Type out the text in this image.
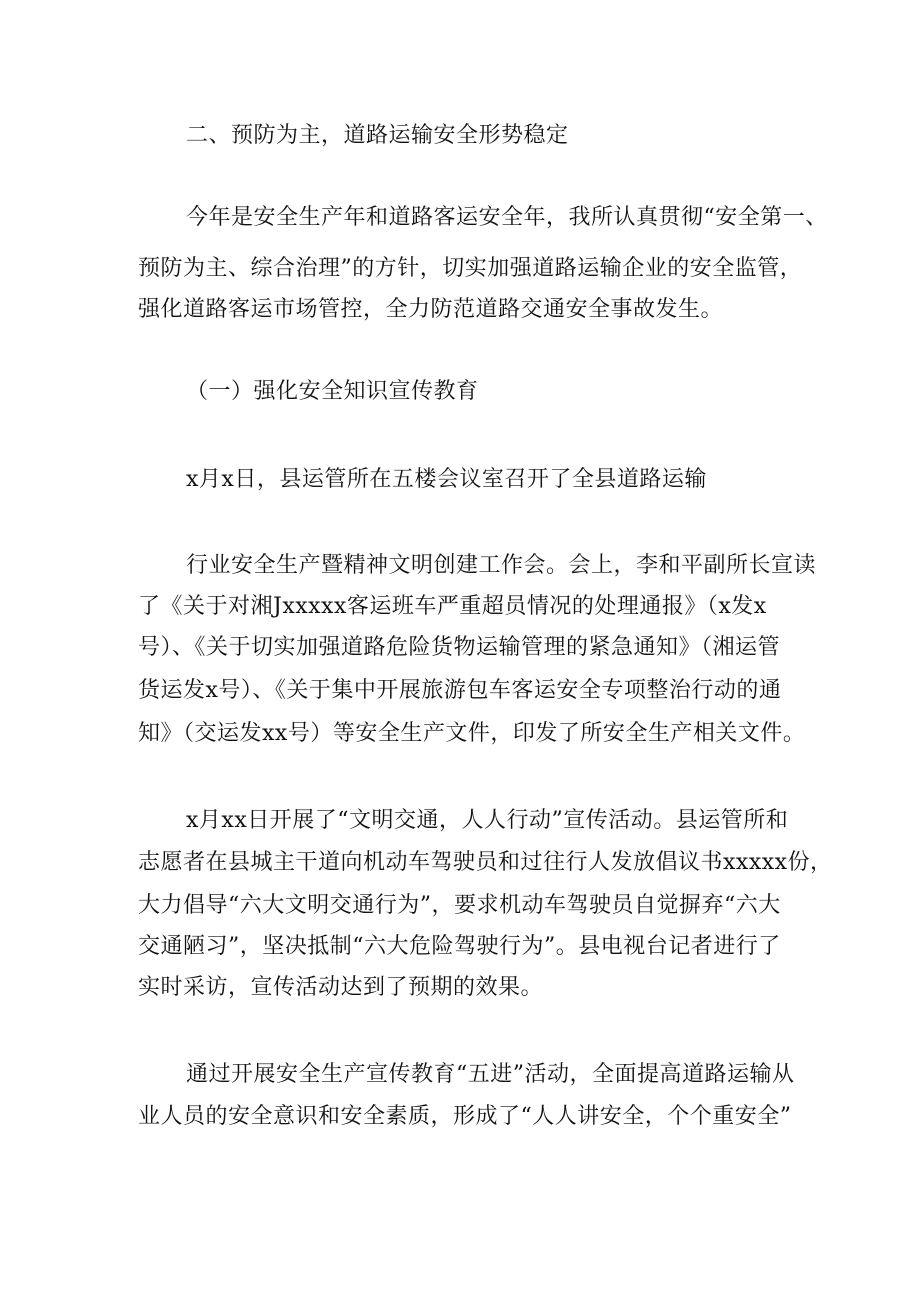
二、预防为主，道路运输安全形势稳定
今年是安全生产年和道路客运安全年，我所认真贯彻“安全第一、
预防为主、综合治理”的方针，切实加强道路运输企业的安全监管，
强化道路客运市场管控，全力防范道路交通安全事故发生。
（一）强化安全知识宣传教育
x月x日，县运管所在五楼会议室召开了全县道路运输
行业安全生产暨精神文明创建工作会。会上，李和平副所长宣读
了《关于对湘Jxxxxx客运班车严重超员情况的处理通报》（x发x
号）、《关于切实加强道路危险货物运输管理的紧急通知》（湘运管
货运发x号）、《关于集中开展旅游包车客运安全专项整治行动的通
知》（交运发xx号）等安全生产文件，印发了所安全生产相关文件。
x月xx日开展了“文明交通，人人行动”宣传活动。县运管所和
志愿者在县城主干道向机动车驾驶员和过往行人发放倡议书xxxxx份，
大力倡导“六大文明交通行为”，要求机动车驾驶员自觉摒弃“六大
交通陋习”，坚决抵制“六大危险驾驶行为”。县电视台记者进行了
实时采访，宣传活动达到了预期的效果。
通过开展安全生产宣传教育“五进”活动，全面提高道路运输从
业人员的安全意识和安全素质，形成了“人人讲安全，个个重安全”
